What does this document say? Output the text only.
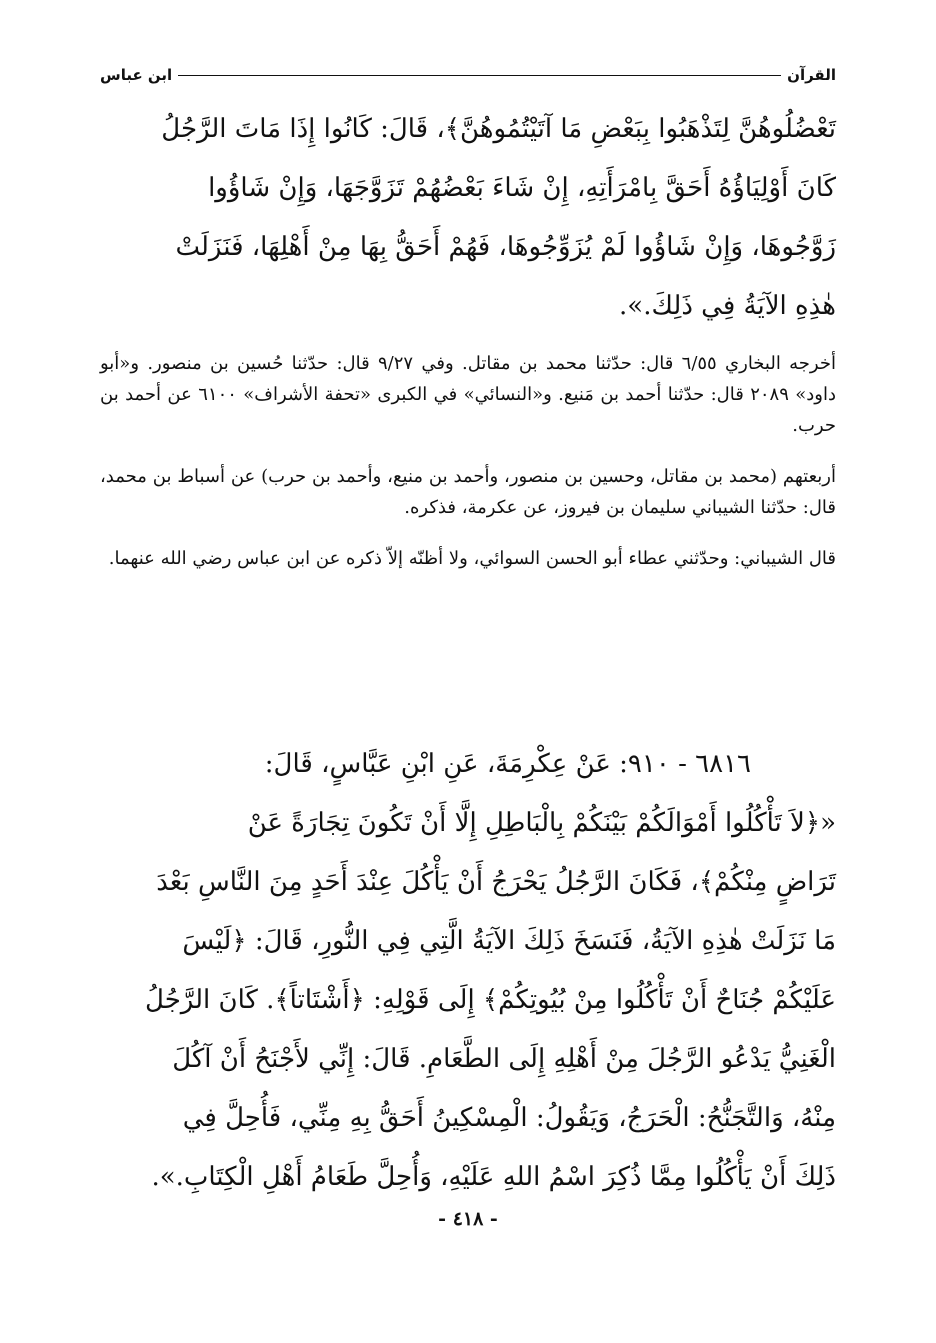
القرآن
ابن عباس

تَعْضُلُوهُنَّ لِتَذْهَبُوا بِبَعْضِ مَا آتَيْتُمُوهُنَّ﴾، قَالَ: كَانُوا إِذَا مَاتَ الرَّجُلُ

كَانَ أَوْلِيَاؤُهُ أَحَقَّ بِامْرَأَتِهِ، إِنْ شَاءَ بَعْضُهُمْ تَزَوَّجَهَا، وَإِنْ شَاؤُوا

زَوَّجُوهَا، وَإِنْ شَاؤُوا لَمْ يُزَوِّجُوهَا، فَهُمْ أَحَقُّ بِهَا مِنْ أَهْلِهَا، فَنَزَلَتْ

هٰذِهِ الآيَةُ فِي ذَلِكَ.».

أخرجه البخاري ٦/٥٥ قال: حدّثنا محمد بن مقاتل. وفي ٩/٢٧ قال: حدّثنا حُسين بن منصور. و«أبو داود» ٢٠٨٩ قال: حدّثنا أحمد بن مَنيع. و«النسائي» في الكبرى «تحفة الأشراف» ٦١٠٠ عن أحمد بن حرب.

أربعتهم (محمد بن مقاتل، وحسين بن منصور، وأحمد بن منيع، وأحمد بن حرب) عن أسباط بن محمد، قال: حدّثنا الشيباني سليمان بن فيروز، عن عكرمة، فذكره.

قال الشيباني: وحدّثني عطاء أبو الحسن السوائي، ولا أظنّه إلاّ ذكره عن ابن عباس رضي الله عنهما.

٦٨١٦ - ٩١٠: عَنْ عِكْرِمَةَ، عَنِ ابْنِ عَبَّاسٍ، قَالَ:

«﴿لاَ تَأْكُلُوا أَمْوَالَكُمْ بَيْنَكُمْ بِالْبَاطِلِ إِلَّا أَنْ تَكُونَ تِجَارَةً عَنْ

تَرَاضٍ مِنْكُمْ﴾، فَكَانَ الرَّجُلُ يَحْرَجُ أَنْ يَأْكُلَ عِنْدَ أَحَدٍ مِنَ النَّاسِ بَعْدَ

مَا نَزَلَتْ هٰذِهِ الآيَةُ، فَنَسَخَ ذَلِكَ الآيَةُ الَّتِي فِي النُّورِ، قَالَ: ﴿لَيْسَ

عَلَيْكُمْ جُنَاحٌ أَنْ تَأْكُلُوا مِنْ بُيُوتِكُمْ﴾ إِلَى قَوْلِهِ: ﴿أَشْتَاتاً﴾. كَانَ الرَّجُلُ

الْغَنِيُّ يَدْعُو الرَّجُلَ مِنْ أَهْلِهِ إِلَى الطَّعَامِ. قَالَ: إِنِّي لأَجْنَحُ أَنْ آكُلَ

مِنْهُ، وَالتَّجَنُّحُ: الْحَرَجُ، وَيَقُولُ: الْمِسْكِينُ أَحَقُّ بِهِ مِنِّي، فَأُحِلَّ فِي

ذَلِكَ أَنْ يَأْكُلُوا مِمَّا ذُكِرَ اسْمُ اللهِ عَلَيْهِ، وَأُحِلَّ طَعَامُ أَهْلِ الْكِتَابِ.».

- ٤١٨ -
